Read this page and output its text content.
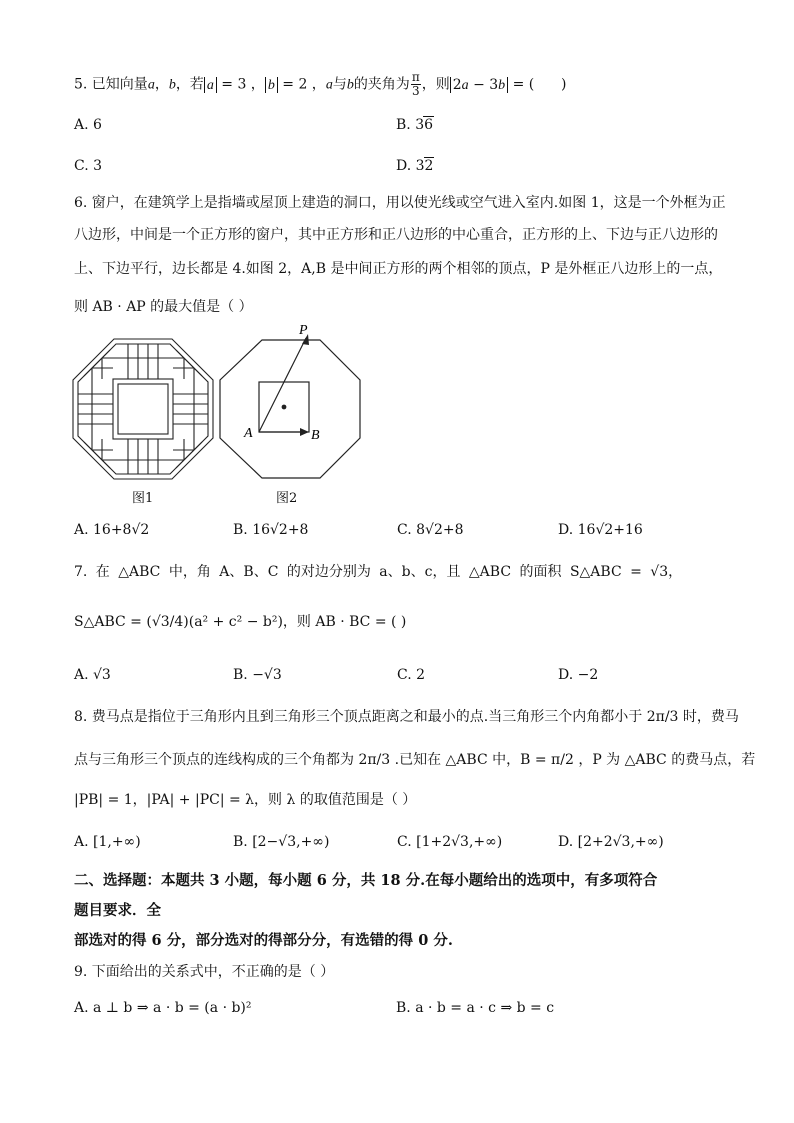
5. 已知向量a，b，若 a = 3 ， b = 2 ，a与b的夹角为 $\frac{\pi}{3}$ ，则 2a − 3b = (      )
A. 6	B. 36
C. 3	D. 32
6. 窗户，在建筑学上是指墙或屋顶上建造的洞口，用以使光线或空气进入室内.如图 1，这是一个外框为正
八边形，中间是一个正方形的窗户，其中正方形和正八边形的中心重合，正方形的上、下边与正八边形的
上、下边平行，边长都是 4.如图 2，A,B 是中间正方形的两个相邻的顶点，P 是外框正八边形上的一点，
则 AB · AP 的最大值是（ ）
图1
P
A	B
图2
A. 16+8√2	B. 16√2+8	C. 8√2+8	D. 16√2+16
7. 在 △ABC 中，角 A、B、C 的对边分别为 a、b、c，且 △ABC 的面积 S△ABC = √3，
S△ABC = (√3/4)(a² + c² − b²)，则 AB · BC = ( )
A. √3	B. −√3	C. 2	D. −2
8. 费马点是指位于三角形内且到三角形三个顶点距离之和最小的点.当三角形三个内角都小于 2π/3 时，费马
点与三角形三个顶点的连线构成的三个角都为 2π/3 .已知在 △ABC 中，B = π/2 ，P 为 △ABC 的费马点，若
|PB| = 1，|PA| + |PC| = λ，则 λ 的取值范围是（ ）
A. [1,+∞)	B. [2−√3,+∞)	C. [1+2√3,+∞)	D. [2+2√3,+∞)
二、选择题：本题共 3 小题，每小题 6 分，共 18 分.在每小题给出的选项中，有多项符合
题目要求．全
部选对的得 6 分，部分选对的得部分分，有选错的得 0 分.
9. 下面给出的关系式中，不正确的是（ ）
A. a ⊥ b ⇒ a · b = (a · b)²	B. a · b = a · c ⇒ b = c
